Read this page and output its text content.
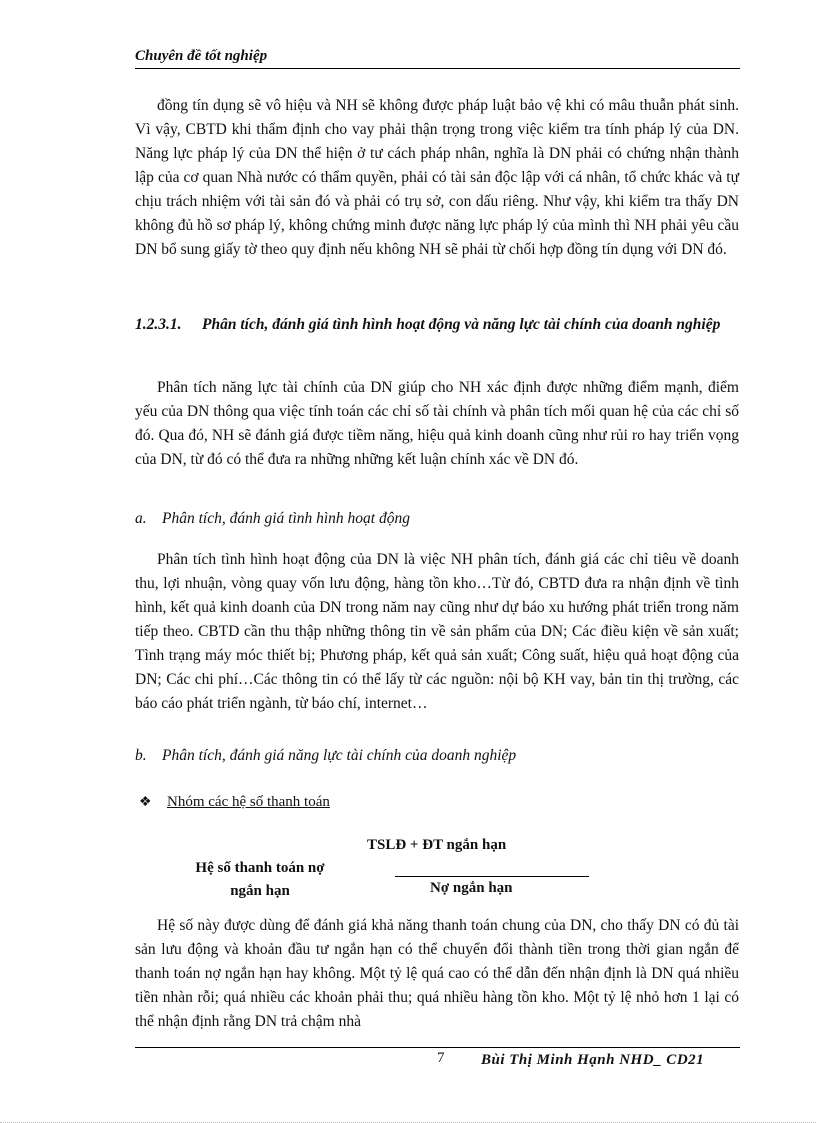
Chuyên đề tốt nghiệp
đồng tín dụng sẽ vô hiệu và NH sẽ không được pháp luật bảo vệ khi có mâu thuẫn phát sinh. Vì vậy, CBTD khi thẩm định cho vay phải thận trọng trong việc kiểm tra tính pháp lý của DN. Năng lực pháp lý của DN thể hiện ở tư cách pháp nhân, nghĩa là DN phải có chứng nhận thành lập của cơ quan Nhà nước có thẩm quyền, phải có tài sản độc lập với cá nhân, tổ chức khác và tự chịu trách nhiệm với tài sản đó và phải có trụ sở, con dấu riêng. Như vậy, khi kiểm tra thấy DN không đủ hồ sơ pháp lý, không chứng minh được năng lực pháp lý của mình thì NH phải yêu cầu DN bổ sung giấy tờ theo quy định nếu không NH sẽ phải từ chối hợp đồng tín dụng với DN đó.
1.2.3.1. Phân tích, đánh giá tình hình hoạt động và năng lực tài chính của doanh nghiệp
Phân tích năng lực tài chính của DN giúp cho NH xác định được những điểm mạnh, điểm yếu của DN thông qua việc tính toán các chỉ số tài chính và phân tích mối quan hệ của các chỉ số đó. Qua đó, NH sẽ đánh giá được tiềm năng, hiệu quả kinh doanh cũng như rủi ro hay triển vọng của DN, từ đó có thể đưa ra những những kết luận chính xác về DN đó.
a. Phân tích, đánh giá tình hình hoạt động
Phân tích tình hình hoạt động của DN là việc NH phân tích, đánh giá các chỉ tiêu về doanh thu, lợi nhuận, vòng quay vốn lưu động, hàng tồn kho…Từ đó, CBTD đưa ra nhận định về tình hình, kết quả kinh doanh của DN trong năm nay cũng như dự báo xu hướng phát triển trong năm tiếp theo. CBTD cần thu thập những thông tin về sản phẩm của DN; Các điều kiện về sản xuất; Tình trạng máy móc thiết bị; Phương pháp, kết quả sản xuất; Công suất, hiệu quả hoạt động của DN; Các chi phí…Các thông tin có thể lấy từ các nguồn: nội bộ KH vay, bản tin thị trường, các báo cáo phát triển ngành, từ báo chí, internet…
b. Phân tích, đánh giá năng lực tài chính của doanh nghiệp
❖ Nhóm các hệ số thanh toán
Hệ số thanh toán nợ
ngắn hạn
TSLĐ + ĐT ngắn hạn
Nợ ngắn hạn
Hệ số này được dùng để đánh giá khả năng thanh toán chung của DN, cho thấy DN có đủ tài sản lưu động và khoản đầu tư ngắn hạn có thể chuyển đổi thành tiền trong thời gian ngắn để thanh toán nợ ngắn hạn hay không. Một tỷ lệ quá cao có thể dẫn đến nhận định là DN quá nhiều tiền nhàn rỗi; quá nhiều các khoản phải thu; quá nhiều hàng tồn kho. Một tỷ lệ nhỏ hơn 1 lại có thể nhận định rằng DN trả chậm nhà
7 Bùi Thị Minh Hạnh NHD_ CD21
